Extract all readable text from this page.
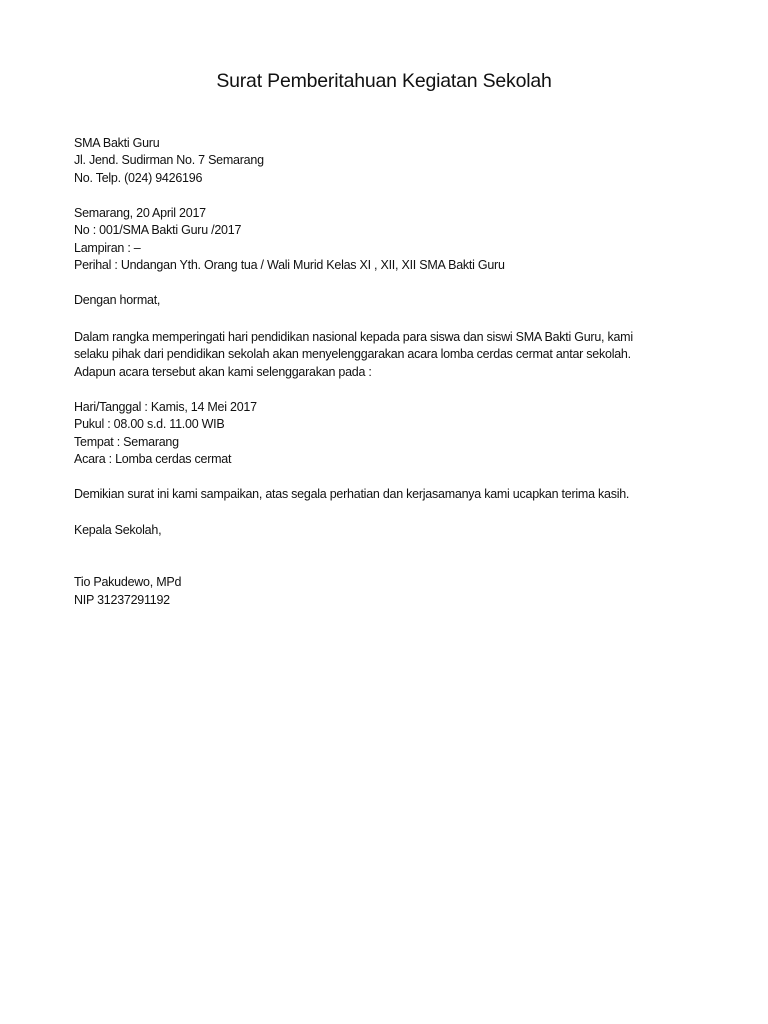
Surat Pemberitahuan Kegiatan Sekolah
SMA Bakti Guru
Jl. Jend. Sudirman No. 7 Semarang
No. Telp. (024) 9426196
Semarang, 20 April 2017
No : 001/SMA Bakti Guru /2017
Lampiran : –
Perihal : Undangan Yth. Orang tua / Wali Murid Kelas XI , XII, XII SMA Bakti Guru
Dengan hormat,
Dalam rangka memperingati hari pendidikan nasional kepada para siswa dan siswi SMA Bakti Guru, kami
selaku pihak dari pendidikan sekolah akan menyelenggarakan acara lomba cerdas cermat antar sekolah.
Adapun acara tersebut akan kami selenggarakan pada :
Hari/Tanggal : Kamis, 14 Mei 2017
Pukul : 08.00 s.d. 11.00 WIB
Tempat : Semarang
Acara : Lomba cerdas cermat
Demikian surat ini kami sampaikan, atas segala perhatian dan kerjasamanya kami ucapkan terima kasih.
Kepala Sekolah,
Tio Pakudewo, MPd
NIP 31237291192
